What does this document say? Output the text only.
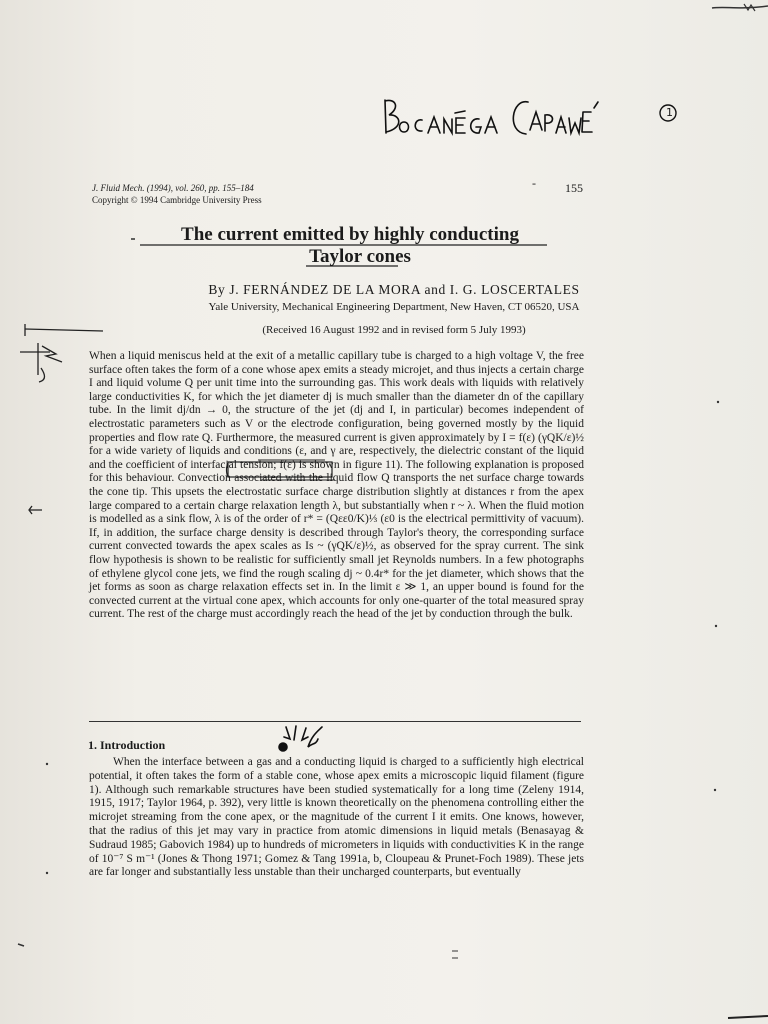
J. Fluid Mech. (1994), vol. 260, pp. 155–184
Copyright © 1994 Cambridge University Press
- 155
1
The current emitted by highly conducting
Taylor cones
By J. FERNÁNDEZ DE LA MORA and I. G. LOSCERTALES
Yale University, Mechanical Engineering Department, New Haven, CT 06520, USA
(Received 16 August 1992 and in revised form 5 July 1993)
When a liquid meniscus held at the exit of a metallic capillary tube is charged to a high voltage V, the free surface often takes the form of a cone whose apex emits a steady microjet, and thus injects a certain charge I and liquid volume Q per unit time into the surrounding gas. This work deals with liquids with relatively large conductivities K, for which the jet diameter dj is much smaller than the diameter dn of the capillary tube. In the limit dj/dn → 0, the structure of the jet (dj and I, in particular) becomes independent of electrostatic parameters such as V or the electrode configuration, being governed mostly by the liquid properties and flow rate Q. Furthermore, the measured current is given approximately by I = f(ε) (γQK/ε)½ for a wide variety of liquids and conditions (ε, and γ are, respectively, the dielectric constant of the liquid and the coefficient of interfacial tension; f(ε) is shown in figure 11). The following explanation is proposed for this behaviour. Convection associated with the liquid flow Q transports the net surface charge towards the cone tip. This upsets the electrostatic surface charge distribution slightly at distances r from the apex large compared to a certain charge relaxation length λ, but substantially when r ~ λ. When the fluid motion is modelled as a sink flow, λ is of the order of r* = (Qεε0/K)⅓ (ε0 is the electrical permittivity of vacuum). If, in addition, the surface charge density is described through Taylor's theory, the corresponding surface current convected towards the apex scales as Is ~ (γQK/ε)½, as observed for the spray current. The sink flow hypothesis is shown to be realistic for sufficiently small jet Reynolds numbers. In a few photographs of ethylene glycol cone jets, we find the rough scaling dj ~ 0.4r* for the jet diameter, which shows that the jet forms as soon as charge relaxation effects set in. In the limit ε ≫ 1, an upper bound is found for the convected current at the virtual cone apex, which accounts for only one-quarter of the total measured spray current. The rest of the charge must accordingly reach the head of the jet by conduction through the bulk.
1. Introduction
When the interface between a gas and a conducting liquid is charged to a sufficiently high electrical potential, it often takes the form of a stable cone, whose apex emits a microscopic liquid filament (figure 1). Although such remarkable structures have been studied systematically for a long time (Zeleny 1914, 1915, 1917; Taylor 1964, p. 392), very little is known theoretically on the phenomena controlling either the microjet streaming from the cone apex, or the magnitude of the current I it emits. One knows, however, that the radius of this jet may vary in practice from atomic dimensions in liquid metals (Benasayag & Sudraud 1985; Gabovich 1984) up to hundreds of micrometers in liquids with conductivities K in the range of 10⁻⁷ S m⁻¹ (Jones & Thong 1971; Gomez & Tang 1991a, b, Cloupeau & Prunet-Foch 1989). These jets are far longer and substantially less unstable than their uncharged counterparts, but eventually
